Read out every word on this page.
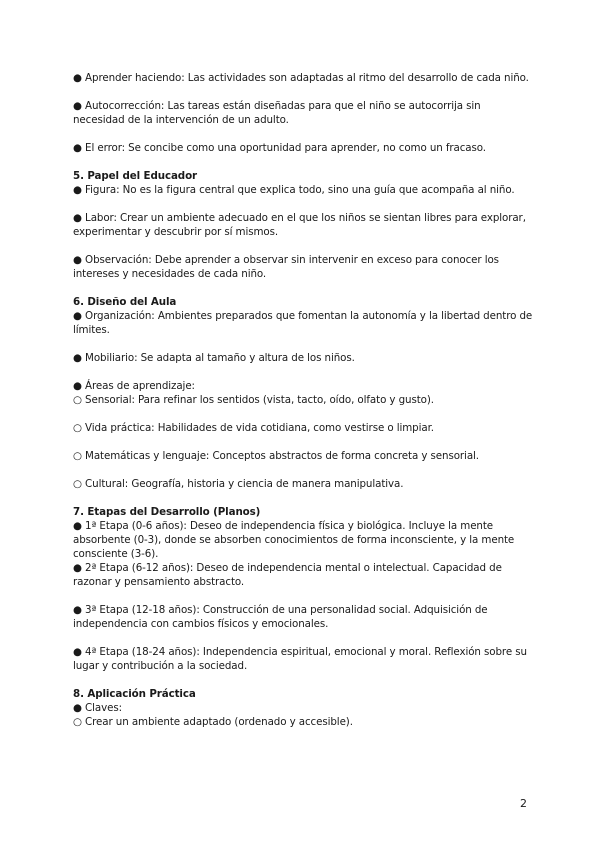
● Aprender haciendo: Las actividades son adaptadas al ritmo del desarrollo de cada niño.

● Autocorrección: Las tareas están diseñadas para que el niño se autocorrija sin necesidad de la intervención de un adulto.

● El error: Se concibe como una oportunidad para aprender, no como un fracaso.

5. Papel del Educador

● Figura: No es la figura central que explica todo, sino una guía que acompaña al niño.

● Labor: Crear un ambiente adecuado en el que los niños se sientan libres para explorar, experimentar y descubrir por sí mismos.

● Observación: Debe aprender a observar sin intervenir en exceso para conocer los intereses y necesidades de cada niño.

6. Diseño del Aula

● Organización: Ambientes preparados que fomentan la autonomía y la libertad dentro de límites.

● Mobiliario: Se adapta al tamaño y altura de los niños.

● Áreas de aprendizaje:

○ Sensorial: Para refinar los sentidos (vista, tacto, oído, olfato y gusto).

○ Vida práctica: Habilidades de vida cotidiana, como vestirse o limpiar.

○ Matemáticas y lenguaje: Conceptos abstractos de forma concreta y sensorial.

○ Cultural: Geografía, historia y ciencia de manera manipulativa.

7. Etapas del Desarrollo (Planos)

● 1ª Etapa (0-6 años): Deseo de independencia física y biológica. Incluye la mente absorbente (0-3), donde se absorben conocimientos de forma inconsciente, y la mente consciente (3-6).

● 2ª Etapa (6-12 años): Deseo de independencia mental o intelectual. Capacidad de razonar y pensamiento abstracto.

● 3ª Etapa (12-18 años): Construcción de una personalidad social. Adquisición de independencia con cambios físicos y emocionales.

● 4ª Etapa (18-24 años): Independencia espiritual, emocional y moral. Reflexión sobre su lugar y contribución a la sociedad.

8. Aplicación Práctica

● Claves:

○ Crear un ambiente adaptado (ordenado y accesible).

2
